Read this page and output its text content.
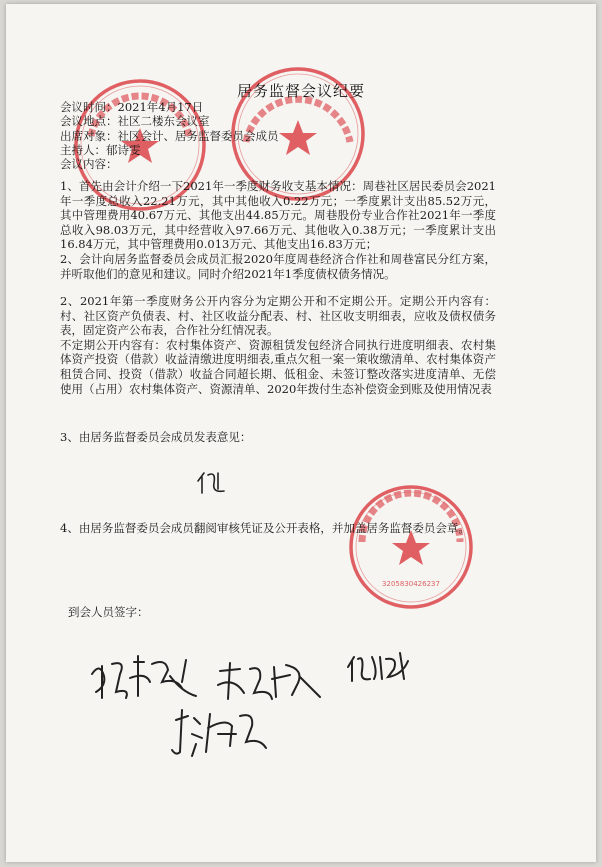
3205830426237
居务监督会议纪要
会议时间：2021年4月17日
会议地点：社区二楼东会议室
出席对象：社区会计、居务监督委员会成员
主持人：郁诗雯
会议内容：

1、首先由会计介绍一下2021年一季度财务收支基本情况：周巷社区居民委员会2021年一季度总收入22.21万元，其中其他收入0.22万元；一季度累计支出85.52万元，其中管理费用40.67万元、其他支出44.85万元。周巷股份专业合作社2021年一季度总收入98.03万元，其中经营收入97.66万元、其他收入0.38万元；一季度累计支出16.84万元，其中管理费用0.013万元、其他支出16.83万元；

2、会计向居务监督委员会成员汇报2020年度周巷经济合作社和周巷富民分红方案，并听取他们的意见和建议。同时介绍2021年1季度债权债务情况。

2、2021年第一季度财务公开内容分为定期公开和不定期公开。定期公开内容有：村、社区资产负债表、村、社区收益分配表、村、社区收支明细表，应收及债权债务表，固定资产公布表，合作社分红情况表。

不定期公开内容有：农村集体资产、资源租赁发包经济合同执行进度明细表、农村集体资产投资（借款）收益清缴进度明细表,重点欠租一案一策收缴清单、农村集体资产租赁合同、投资（借款）收益合同超长期、低租金、未签订整改落实进度清单、无偿使用（占用）农村集体资产、资源清单、2020年拨付生态补偿资金到账及使用情况表

3、由居务监督委员会成员发表意见：

4、由居务监督委员会成员翻阅审核凭证及公开表格，并加盖居务监督委员会章。

到会人员签字：
